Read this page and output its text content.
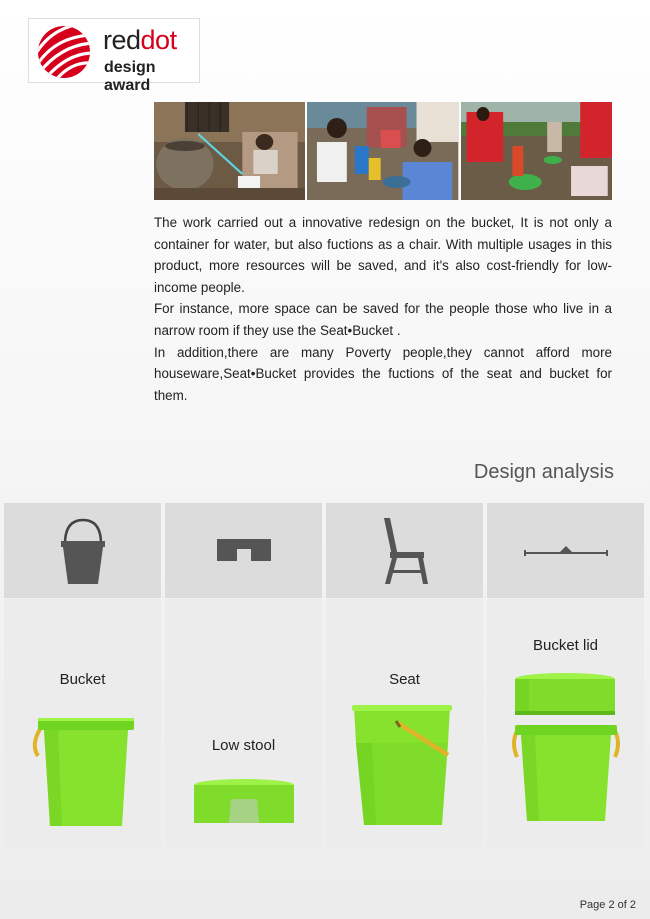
reddot
design award

The work carried out a innovative redesign on the bucket, It is not only a container for water, but also fuctions as a chair. With multiple usages in this product, more resources will be saved, and it's also cost-friendly for low-income people.

For instance, more space can be saved for the people those who live in a narrow room if they use the Seat•Bucket .

In addition,there are many Poverty people,they cannot afford more houseware,Seat•Bucket provides the fuctions of the seat and bucket for them.

Design analysis
Bucket
Low stool
Seat
Bucket lid
Page 2 of 2
